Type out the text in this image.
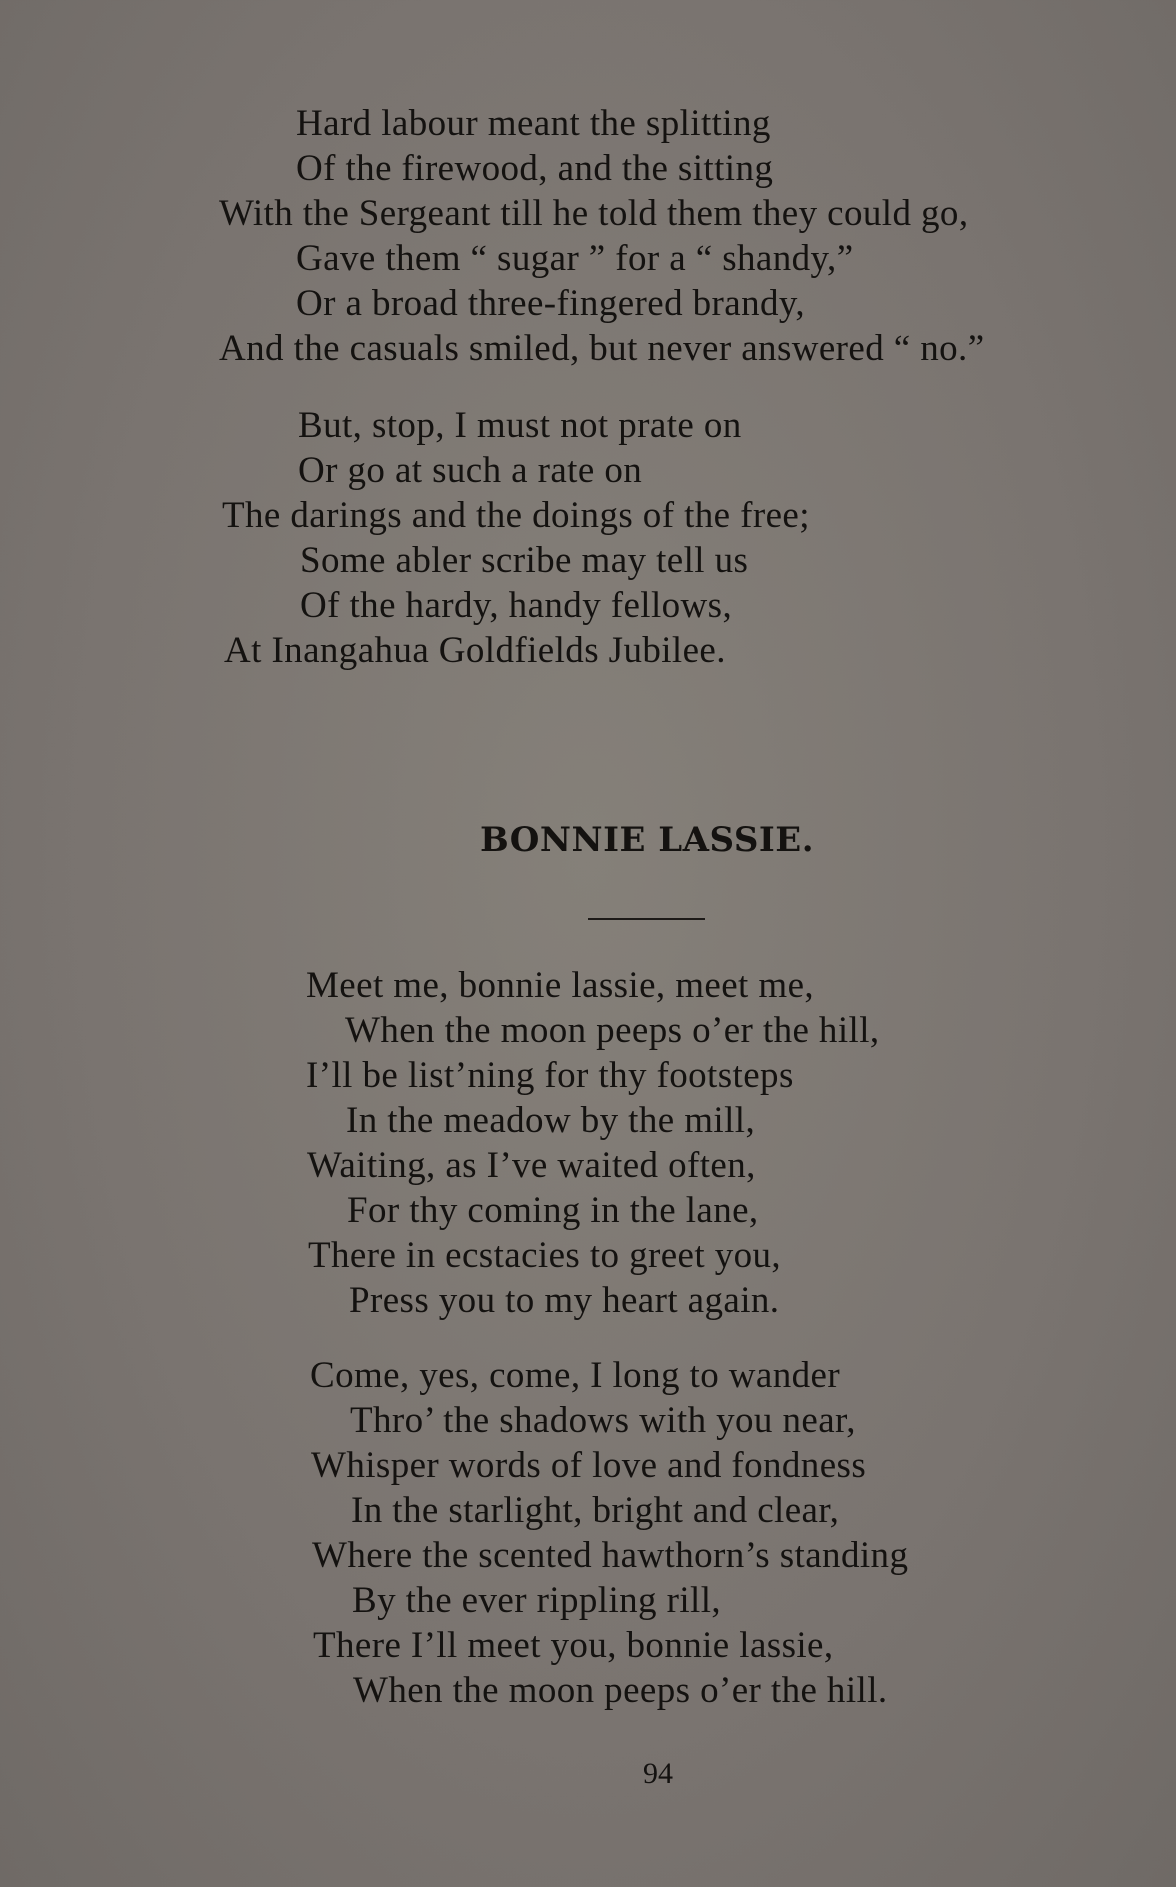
Hard labour meant the splitting
Of the firewood, and the sitting
With the Sergeant till he told them they could go,
Gave them “ sugar ” for a “ shandy,”
Or a broad three-fingered brandy,
And the casuals smiled, but never answered “ no.”
But, stop, I must not prate on
Or go at such a rate on
The darings and the doings of the free;
Some abler scribe may tell us
Of the hardy, handy fellows,
At Inangahua Goldfields Jubilee.
BONNIE LASSIE.
Meet me, bonnie lassie, meet me,
When the moon peeps o’er the hill,
I’ll be list’ning for thy footsteps
In the meadow by the mill,
Waiting, as I’ve waited often,
For thy coming in the lane,
There in ecstacies to greet you,
Press you to my heart again.
Come, yes, come, I long to wander
Thro’ the shadows with you near,
Whisper words of love and fondness
In the starlight, bright and clear,
Where the scented hawthorn’s standing
By the ever rippling rill,
There I’ll meet you, bonnie lassie,
When the moon peeps o’er the hill.
94
